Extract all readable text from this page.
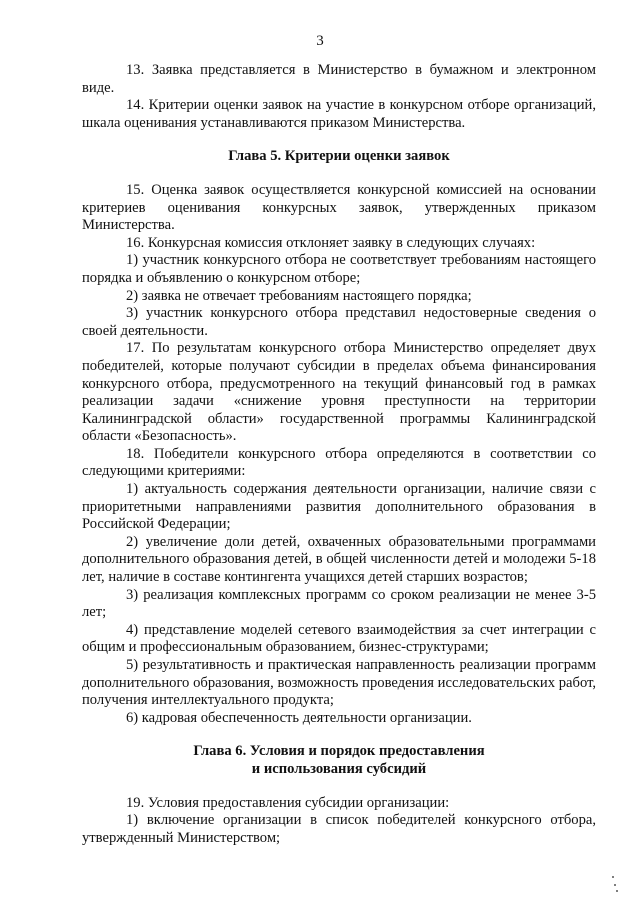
3

13. Заявка представляется в Министерство в бумажном и электронном виде.

14. Критерии оценки заявок на участие в конкурсном отборе организаций, шкала оценивания устанавливаются приказом Министерства.

Глава 5. Критерии оценки заявок

15. Оценка заявок осуществляется конкурсной комиссией на основании критериев оценивания конкурсных заявок, утвержденных приказом Министерства.

16. Конкурсная комиссия отклоняет заявку в следующих случаях:

1) участник конкурсного отбора не соответствует требованиям настоящего порядка и объявлению о конкурсном отборе;

2) заявка не отвечает требованиям настоящего порядка;

3) участник конкурсного отбора представил недостоверные сведения о своей деятельности.

17. По результатам конкурсного отбора Министерство определяет двух победителей, которые получают субсидии в пределах объема финансирования конкурсного отбора, предусмотренного на текущий финансовый год в рамках реализации задачи «снижение уровня преступности на территории Калининградской области» государственной программы Калининградской области «Безопасность».

18. Победители конкурсного отбора определяются в соответствии со следующими критериями:

1) актуальность содержания деятельности организации, наличие связи с приоритетными направлениями развития дополнительного образования в Российской Федерации;

2) увеличение доли детей, охваченных образовательными программами дополнительного образования детей, в общей численности детей и молодежи 5-18 лет, наличие в составе контингента учащихся детей старших возрастов;

3) реализация комплексных программ со сроком реализации не менее 3-5 лет;

4) представление моделей сетевого взаимодействия за счет интеграции с общим и профессиональным образованием, бизнес-структурами;

5) результативность и практическая направленность реализации программ дополнительного образования, возможность проведения исследовательских работ, получения интеллектуального продукта;

6) кадровая обеспеченность деятельности организации.

Глава 6. Условия и порядок предоставления

и использования субсидий

19. Условия предоставления субсидии организации:

1) включение организации в список победителей конкурсного отбора, утвержденный Министерством;
